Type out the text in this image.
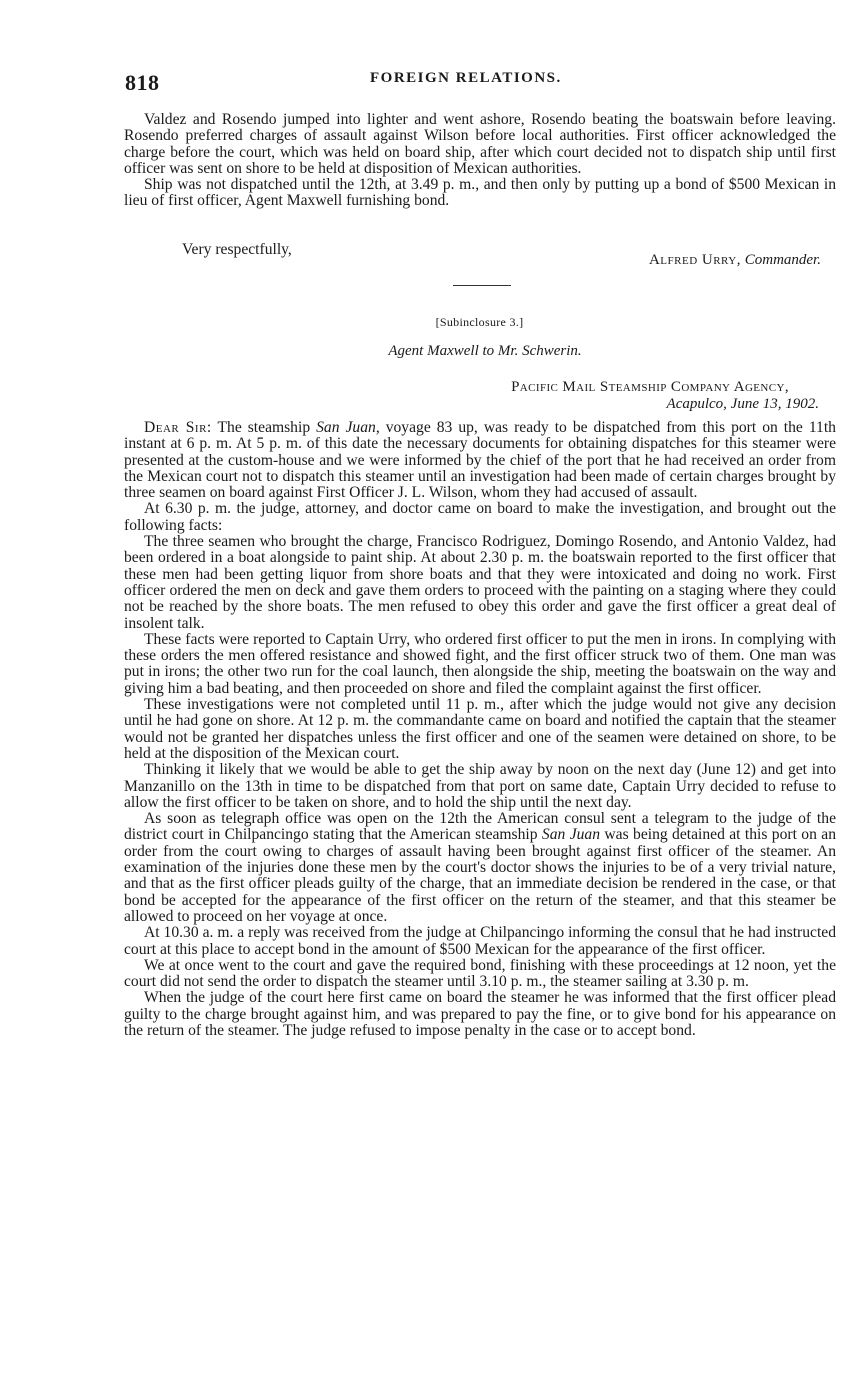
818	FOREIGN RELATIONS.

Valdez and Rosendo jumped into lighter and went ashore, Rosendo beating the boatswain before leaving. Rosendo preferred charges of assault against Wilson before local authorities. First officer acknowledged the charge before the court, which was held on board ship, after which court decided not to dispatch ship until first officer was sent on shore to be held at disposition of Mexican authorities.

Ship was not dispatched until the 12th, at 3.49 p. m., and then only by putting up a bond of $500 Mexican in lieu of first officer, Agent Maxwell furnishing bond.

Very respectfully,
Alfred Urry, Commander.
[Subinclosure 3.]
Agent Maxwell to Mr. Schwerin.
Pacific Mail Steamship Company Agency,
Acapulco, June 13, 1902.

Dear Sir: The steamship San Juan, voyage 83 up, was ready to be dispatched from this port on the 11th instant at 6 p. m. At 5 p. m. of this date the necessary documents for obtaining dispatches for this steamer were presented at the custom-house and we were informed by the chief of the port that he had received an order from the Mexican court not to dispatch this steamer until an investigation had been made of certain charges brought by three seamen on board against First Officer J. L. Wilson, whom they had accused of assault.

At 6.30 p. m. the judge, attorney, and doctor came on board to make the investigation, and brought out the following facts:

The three seamen who brought the charge, Francisco Rodriguez, Domingo Rosendo, and Antonio Valdez, had been ordered in a boat alongside to paint ship. At about 2.30 p. m. the boatswain reported to the first officer that these men had been getting liquor from shore boats and that they were intoxicated and doing no work. First officer ordered the men on deck and gave them orders to proceed with the painting on a staging where they could not be reached by the shore boats. The men refused to obey this order and gave the first officer a great deal of insolent talk.

These facts were reported to Captain Urry, who ordered first officer to put the men in irons. In complying with these orders the men offered resistance and showed fight, and the first officer struck two of them. One man was put in irons; the other two run for the coal launch, then alongside the ship, meeting the boatswain on the way and giving him a bad beating, and then proceeded on shore and filed the complaint against the first officer.

These investigations were not completed until 11 p. m., after which the judge would not give any decision until he had gone on shore. At 12 p. m. the commandante came on board and notified the captain that the steamer would not be granted her dispatches unless the first officer and one of the seamen were detained on shore, to be held at the disposition of the Mexican court.

Thinking it likely that we would be able to get the ship away by noon on the next day (June 12) and get into Manzanillo on the 13th in time to be dispatched from that port on same date, Captain Urry decided to refuse to allow the first officer to be taken on shore, and to hold the ship until the next day.

As soon as telegraph office was open on the 12th the American consul sent a telegram to the judge of the district court in Chilpancingo stating that the American steamship San Juan was being detained at this port on an order from the court owing to charges of assault having been brought against first officer of the steamer. An examination of the injuries done these men by the court's doctor shows the injuries to be of a very trivial nature, and that as the first officer pleads guilty of the charge, that an immediate decision be rendered in the case, or that bond be accepted for the appearance of the first officer on the return of the steamer, and that this steamer be allowed to proceed on her voyage at once.

At 10.30 a. m. a reply was received from the judge at Chilpancingo informing the consul that he had instructed court at this place to accept bond in the amount of $500 Mexican for the appearance of the first officer.

We at once went to the court and gave the required bond, finishing with these proceedings at 12 noon, yet the court did not send the order to dispatch the steamer until 3.10 p. m., the steamer sailing at 3.30 p. m.

When the judge of the court here first came on board the steamer he was informed that the first officer plead guilty to the charge brought against him, and was prepared to pay the fine, or to give bond for his appearance on the return of the steamer. The judge refused to impose penalty in the case or to accept bond.
